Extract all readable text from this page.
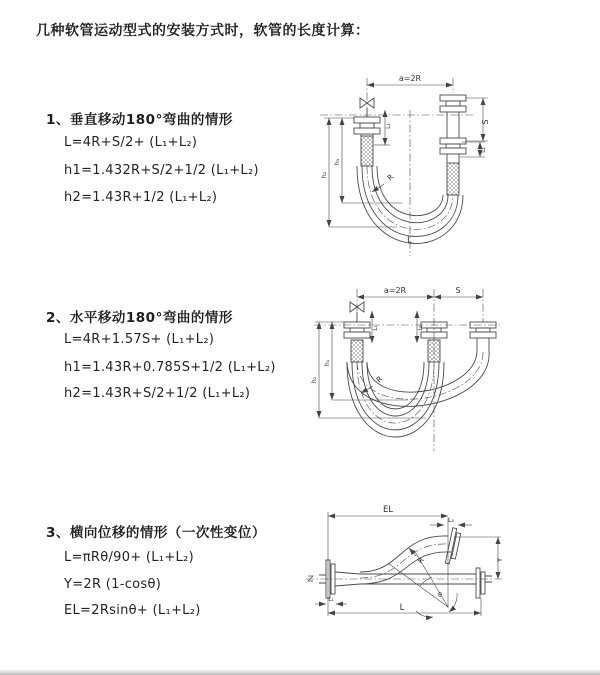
几种软管运动型式的安装方式时，软管的长度计算：
1、垂直移动180°弯曲的情形
L=4R+S/2+ (L₁+L₂)
h1=1.432R+S/2+1/2 (L₁+L₂)
h2=1.43R+1/2 (L₁+L₂)
a=2R
S
L₂
L₁
h₁
h₂	R
L
2、水平移动180°弯曲的情形
L=4R+1.57S+ (L₁+L₂)
h1=1.43R+0.785S+1/2 (L₁+L₂)
h2=1.43R+S/2+1/2 (L₁+L₂)
a=2R	S
L₁	L₂
h₁
h₂	R
3、横向位移的情形（一次性变位）
L=πRθ/90+ (L₁+L₂)
Y=2R (1-cosθ)
EL=2Rsinθ+ (L₁+L₂)
EL
L₂
Y
L₁
R
θ
L
